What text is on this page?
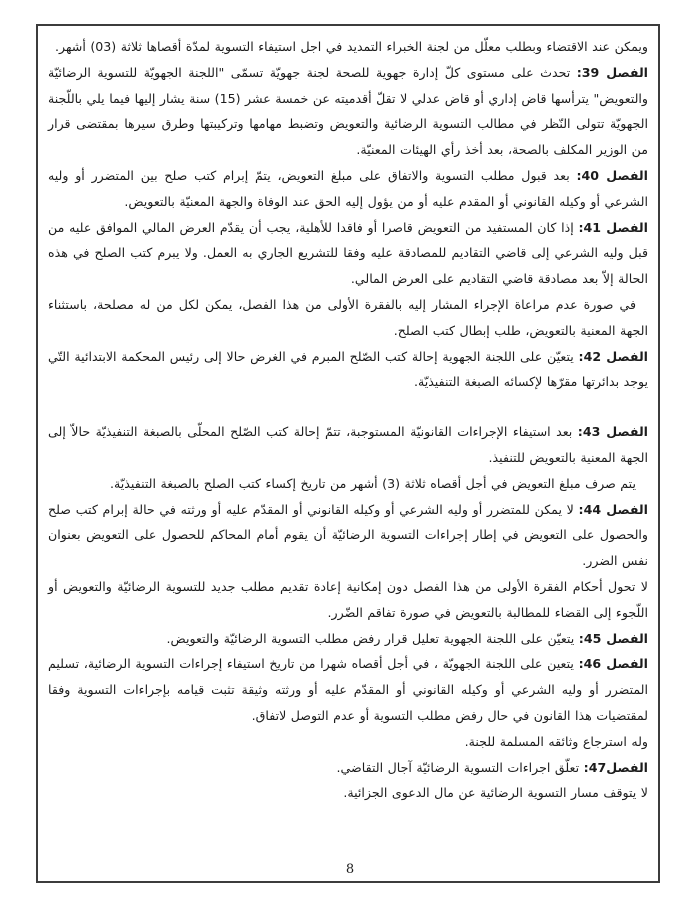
ويمكن عند الاقتضاء وبطلب معلّل من لجنة الخبراء التمديد في اجل استيفاء التسوية لمدّة أقصاها ثلاثة (03) أشهر.

الفصل 39: تحدث على مستوى كلّ إدارة جهوية للصحة لجنة جهويّة تسمّى "اللجنة الجهويّة للتسوية الرضائيّة والتعويض" يترأسها قاض إداري أو قاض عدلي لا تقلّ أقدميته عن خمسة عشر (15) سنة يشار إليها فيما يلي باللّجنة الجهويّة تتولى النّظر في مطالب التسوية الرضائية والتعويض وتضبط مهامها وتركيبتها وطرق سيرها بمقتضى قرار من الوزير المكلف بالصحة، بعد أخذ رأي الهيئات المعنيّة.

الفصل 40: بعد قبول مطلب التسوية والاتفاق على مبلغ التعويض، يتمّ إبرام كتب صلح بين المتضرر أو وليه الشرعي أو وكيله القانوني أو المقدم عليه أو من يؤول إليه الحق عند الوفاة والجهة المعنيّة بالتعويض.

الفصل 41: إذا كان المستفيد من التعويض قاصرا أو فاقدا للأهلية، يجب أن يقدّم العرض المالي الموافق عليه من قبل وليه الشرعي إلى قاضي التقاديم للمصادقة عليه وفقا للتشريع الجاري به العمل. ولا يبرم كتب الصلح في هذه الحالة إلاّ بعد مصادقة قاضي التقاديم على العرض المالي.

في صورة عدم مراعاة الإجراء المشار إليه بالفقرة الأولى من هذا الفصل، يمكن لكل من له مصلحة، باستثناء الجهة المعنية بالتعويض، طلب إبطال كتب الصلح.

الفصل 42: يتعيّن على اللجنة الجهوية إحالة كتب الصّلح المبرم في الغرض حالا إلى رئيس المحكمة الابتدائية التّي يوجد بدائرتها مقرّها لإكسائه الصبغة التنفيذيّة.

الفصل 43: بعد استيفاء الإجراءات القانونيّة المستوجبة، تتمّ إحالة كتب الصّلح المحلّى بالصبغة التنفيذيّة حالاّ إلى الجهة المعنية بالتعويض للتنفيذ.

يتم صرف مبلغ التعويض في أجل أقصاه ثلاثة (3) أشهر من تاريخ إكساء كتب الصلح بالصبغة التنفيذيّة.

الفصل 44: لا يمكن للمتضرر أو وليه الشرعي أو وكيله القانوني أو المقدّم عليه أو ورثته في حالة إبرام كتب صلح والحصول على التعويض في إطار إجراءات التسوية الرضائيّة أن يقوم أمام المحاكم للحصول على التعويض بعنوان نفس الضرر.

لا تحول أحكام الفقرة الأولى من هذا الفصل دون إمكانية إعادة تقديم مطلب جديد للتسوية الرضائيّة والتعويض أو اللّجوء إلى القضاء للمطالبة بالتعويض في صورة تفاقم الضّرر.

الفصل 45: يتعيّن على اللجنة الجهوية تعليل قرار رفض مطلب التسوية الرضائيّة والتعويض.

الفصل 46: يتعين على اللجنة الجهويّة ، في أجل أقصاه شهرا من تاريخ استيفاء إجراءات التسوية الرضائية، تسليم المتضرر أو وليه الشرعي أو وكيله القانوني أو المقدّم عليه أو ورثته وثيقة تثبت قيامه بإجراءات التسوية وفقا لمقتضيات هذا القانون في حال رفض مطلب التسوية أو عدم التوصل لاتفاق.

وله استرجاع وثائقه المسلمة للجنة.

الفصل47: تعلّق اجراءات التسوية الرضائيّة آجال التقاضي.

لا يتوقف مسار التسوية الرضائية عن مال الدعوى الجزائية.

8
